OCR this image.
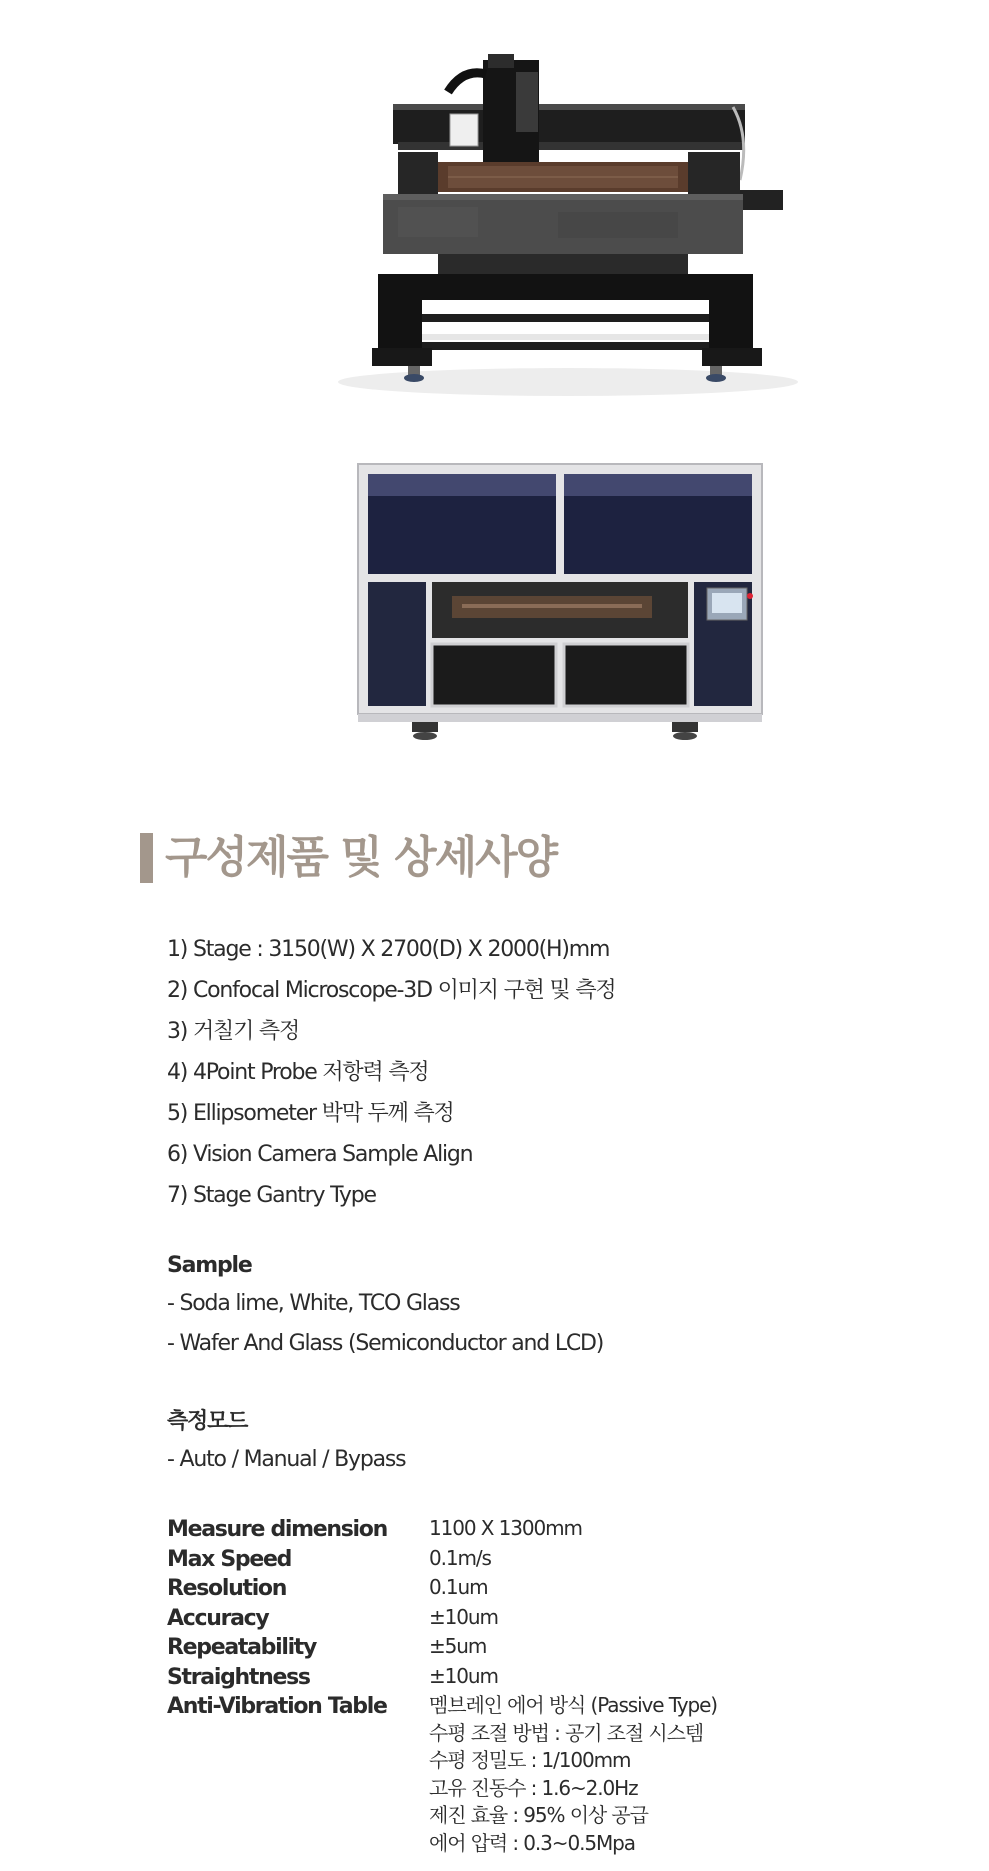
구성제품 및 상세사양
1) Stage : 3150(W) X 2700(D) X 2000(H)mm
2) Confocal Microscope-3D 이미지 구현 및 측정
3) 거칠기 측정
4) 4Point Probe 저항력 측정
5) Ellipsometer 박막 두께 측정
6) Vision Camera Sample Align
7) Stage Gantry Type
Sample
- Soda lime, White, TCO Glass
- Wafer And Glass (Semiconductor and LCD)
측정모드
- Auto / Manual / Bypass
Measure dimension	1100 X 1300mm
Max Speed	0.1m/s
Resolution	0.1um
Accuracy	±10um
Repeatability	±5um
Straightness	±10um
Anti-Vibration Table	멤브레인 에어 방식 (Passive Type)
수평 조절 방법 : 공기 조절 시스템
수평 정밀도 : 1/100mm
고유 진동수 : 1.6~2.0Hz
제진 효율 : 95% 이상 공급
에어 압력 : 0.3~0.5Mpa
